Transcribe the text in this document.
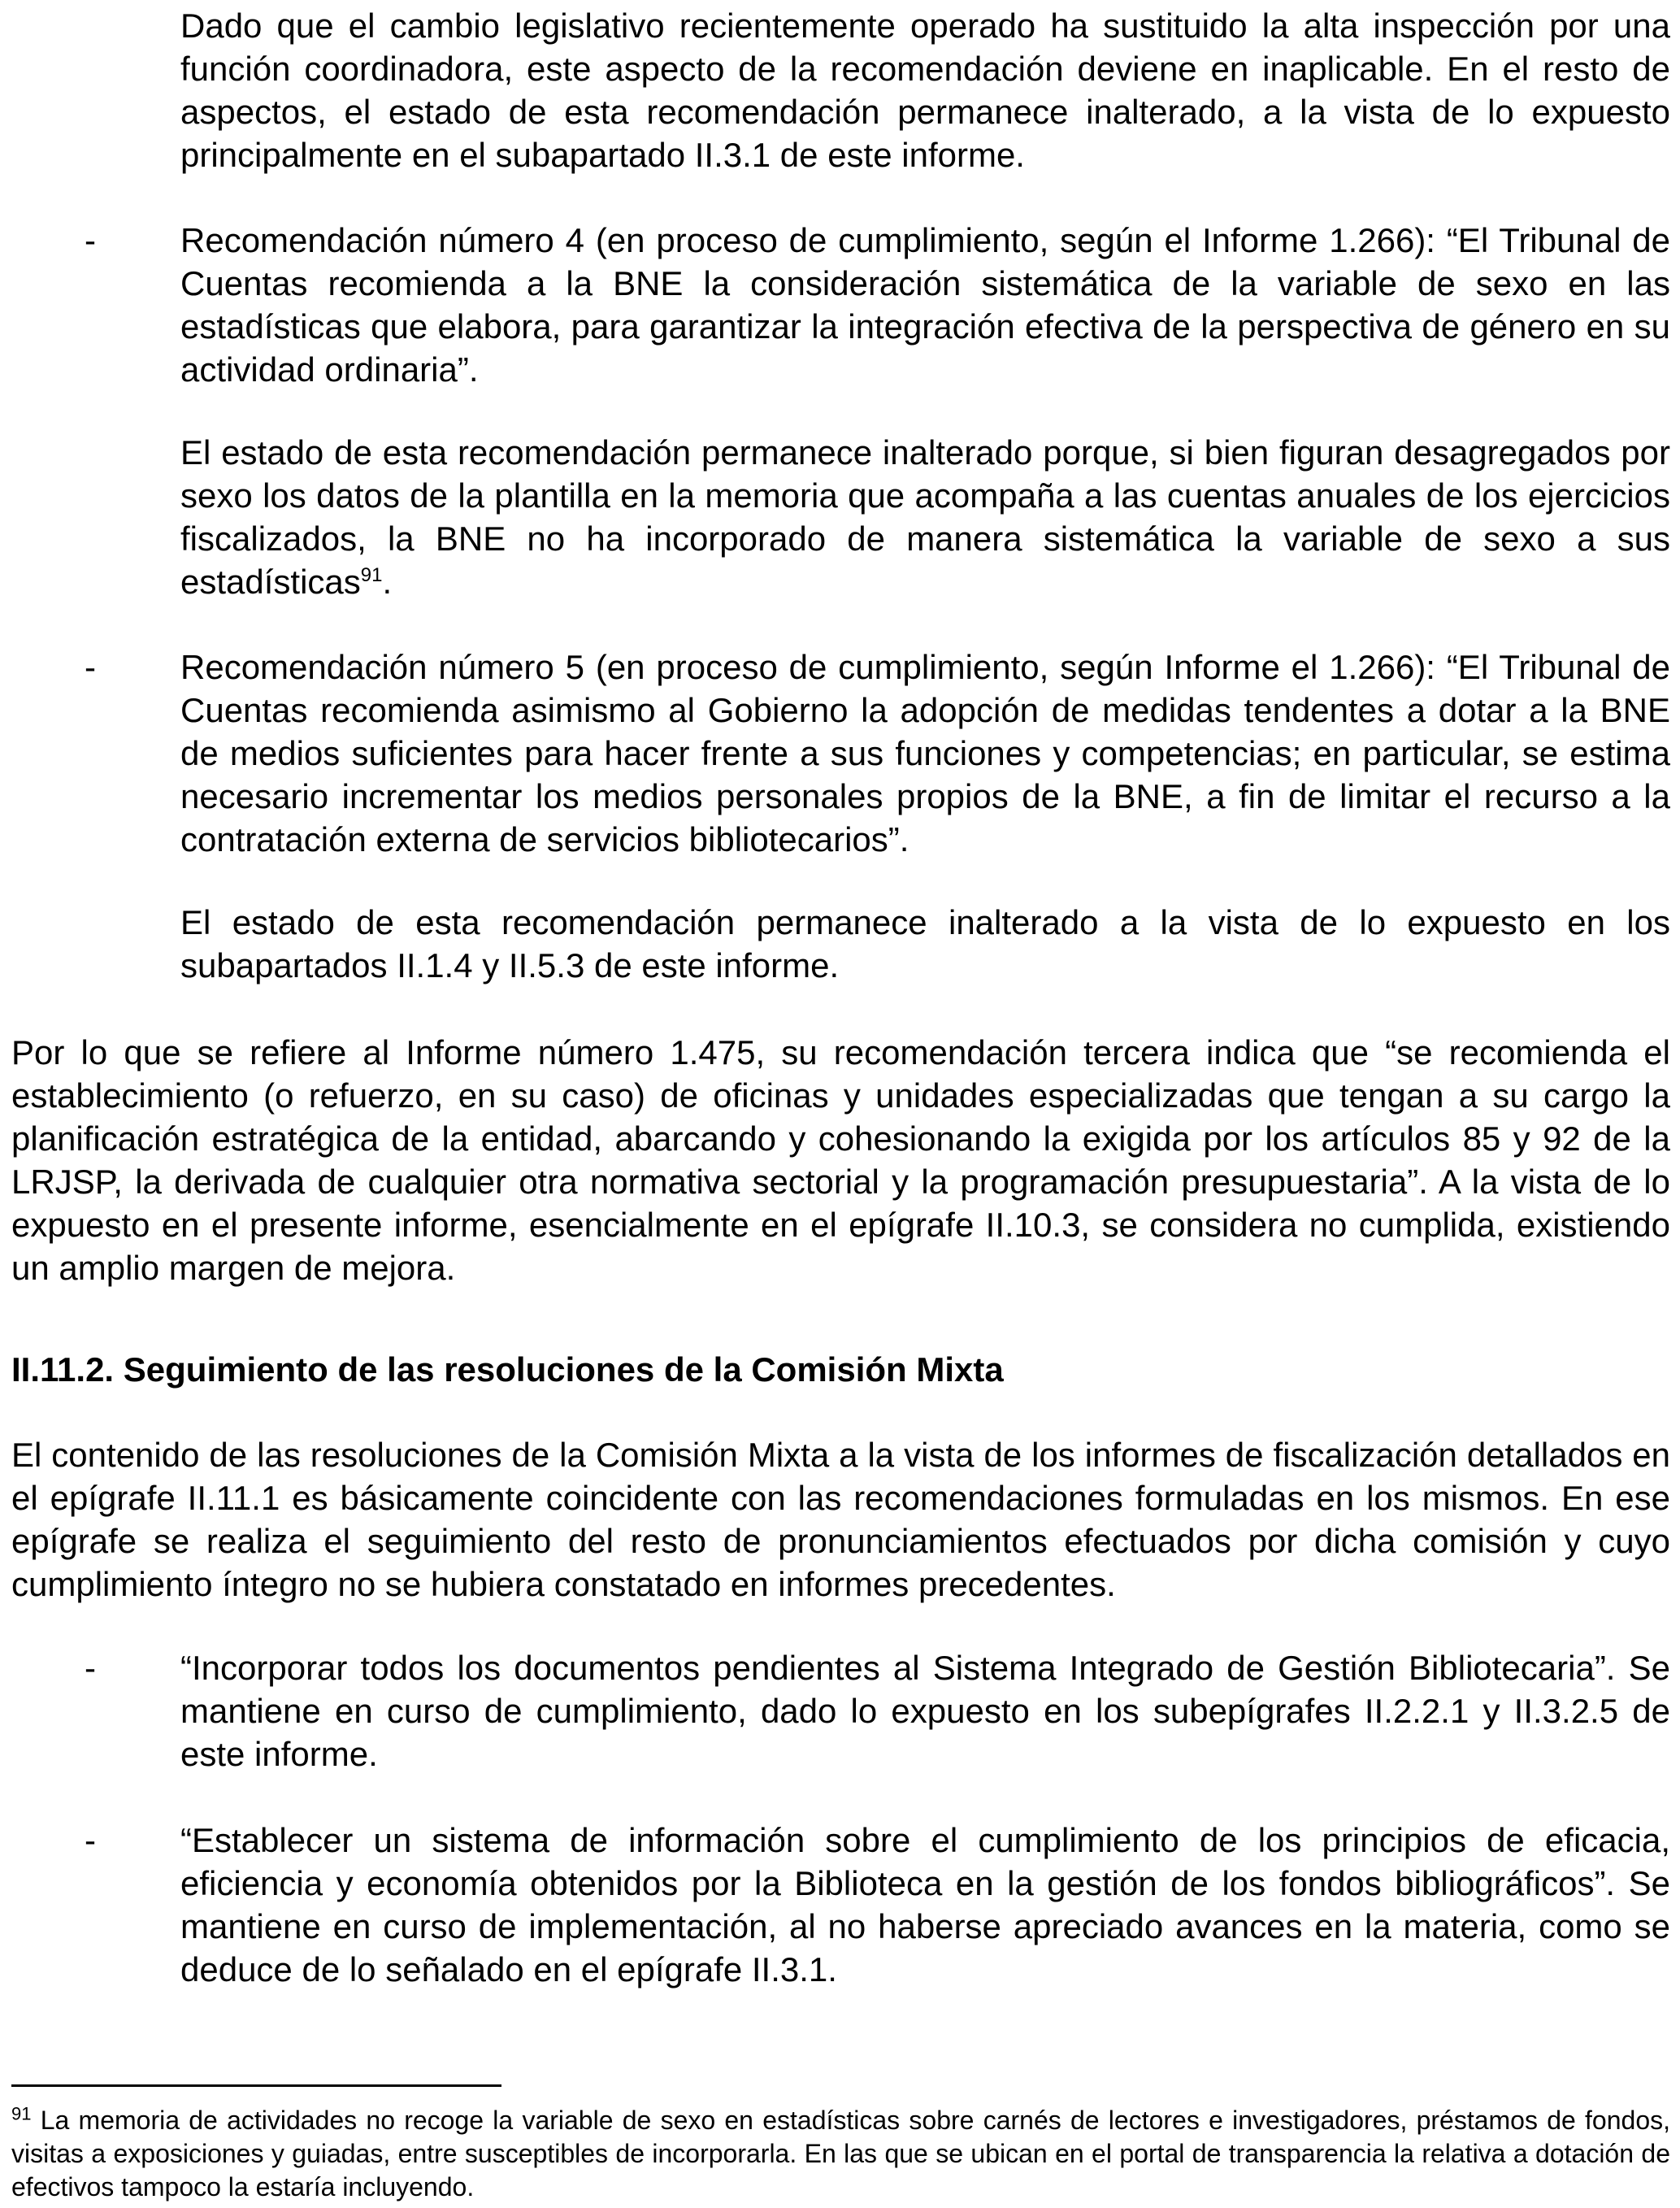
Dado que el cambio legislativo recientemente operado ha sustituido la alta inspección por una función coordinadora, este aspecto de la recomendación deviene en inaplicable. En el resto de aspectos, el estado de esta recomendación permanece inalterado, a la vista de lo expuesto principalmente en el subapartado II.3.1 de este informe.

- Recomendación número 4 (en proceso de cumplimiento, según el Informe 1.266): “El Tribunal de Cuentas recomienda a la BNE la consideración sistemática de la variable de sexo en las estadísticas que elabora, para garantizar la integración efectiva de la perspectiva de género en su actividad ordinaria”.

El estado de esta recomendación permanece inalterado porque, si bien figuran desagregados por sexo los datos de la plantilla en la memoria que acompaña a las cuentas anuales de los ejercicios fiscalizados, la BNE no ha incorporado de manera sistemática la variable de sexo a sus estadísticas$^{91}$.

- Recomendación número 5 (en proceso de cumplimiento, según Informe el 1.266): “El Tribunal de Cuentas recomienda asimismo al Gobierno la adopción de medidas tendentes a dotar a la BNE de medios suficientes para hacer frente a sus funciones y competencias; en particular, se estima necesario incrementar los medios personales propios de la BNE, a fin de limitar el recurso a la contratación externa de servicios bibliotecarios”.

El estado de esta recomendación permanece inalterado a la vista de lo expuesto en los subapartados II.1.4 y II.5.3 de este informe.

Por lo que se refiere al Informe número 1.475, su recomendación tercera indica que “se recomienda el establecimiento (o refuerzo, en su caso) de oficinas y unidades especializadas que tengan a su cargo la planificación estratégica de la entidad, abarcando y cohesionando la exigida por los artículos 85 y 92 de la LRJSP, la derivada de cualquier otra normativa sectorial y la programación presupuestaria”. A la vista de lo expuesto en el presente informe, esencialmente en el epígrafe II.10.3, se considera no cumplida, existiendo un amplio margen de mejora.

II.11.2. Seguimiento de las resoluciones de la Comisión Mixta

El contenido de las resoluciones de la Comisión Mixta a la vista de los informes de fiscalización detallados en el epígrafe II.11.1 es básicamente coincidente con las recomendaciones formuladas en los mismos. En ese epígrafe se realiza el seguimiento del resto de pronunciamientos efectuados por dicha comisión y cuyo cumplimiento íntegro no se hubiera constatado en informes precedentes.

- “Incorporar todos los documentos pendientes al Sistema Integrado de Gestión Bibliotecaria”. Se mantiene en curso de cumplimiento, dado lo expuesto en los subepígrafes II.2.2.1 y II.3.2.5 de este informe.

- “Establecer un sistema de información sobre el cumplimiento de los principios de eficacia, eficiencia y economía obtenidos por la Biblioteca en la gestión de los fondos bibliográficos”. Se mantiene en curso de implementación, al no haberse apreciado avances en la materia, como se deduce de lo señalado en el epígrafe II.3.1.

$^{91}$ La memoria de actividades no recoge la variable de sexo en estadísticas sobre carnés de lectores e investigadores, préstamos de fondos, visitas a exposiciones y guiadas, entre susceptibles de incorporarla. En las que se ubican en el portal de transparencia la relativa a dotación de efectivos tampoco la estaría incluyendo.
